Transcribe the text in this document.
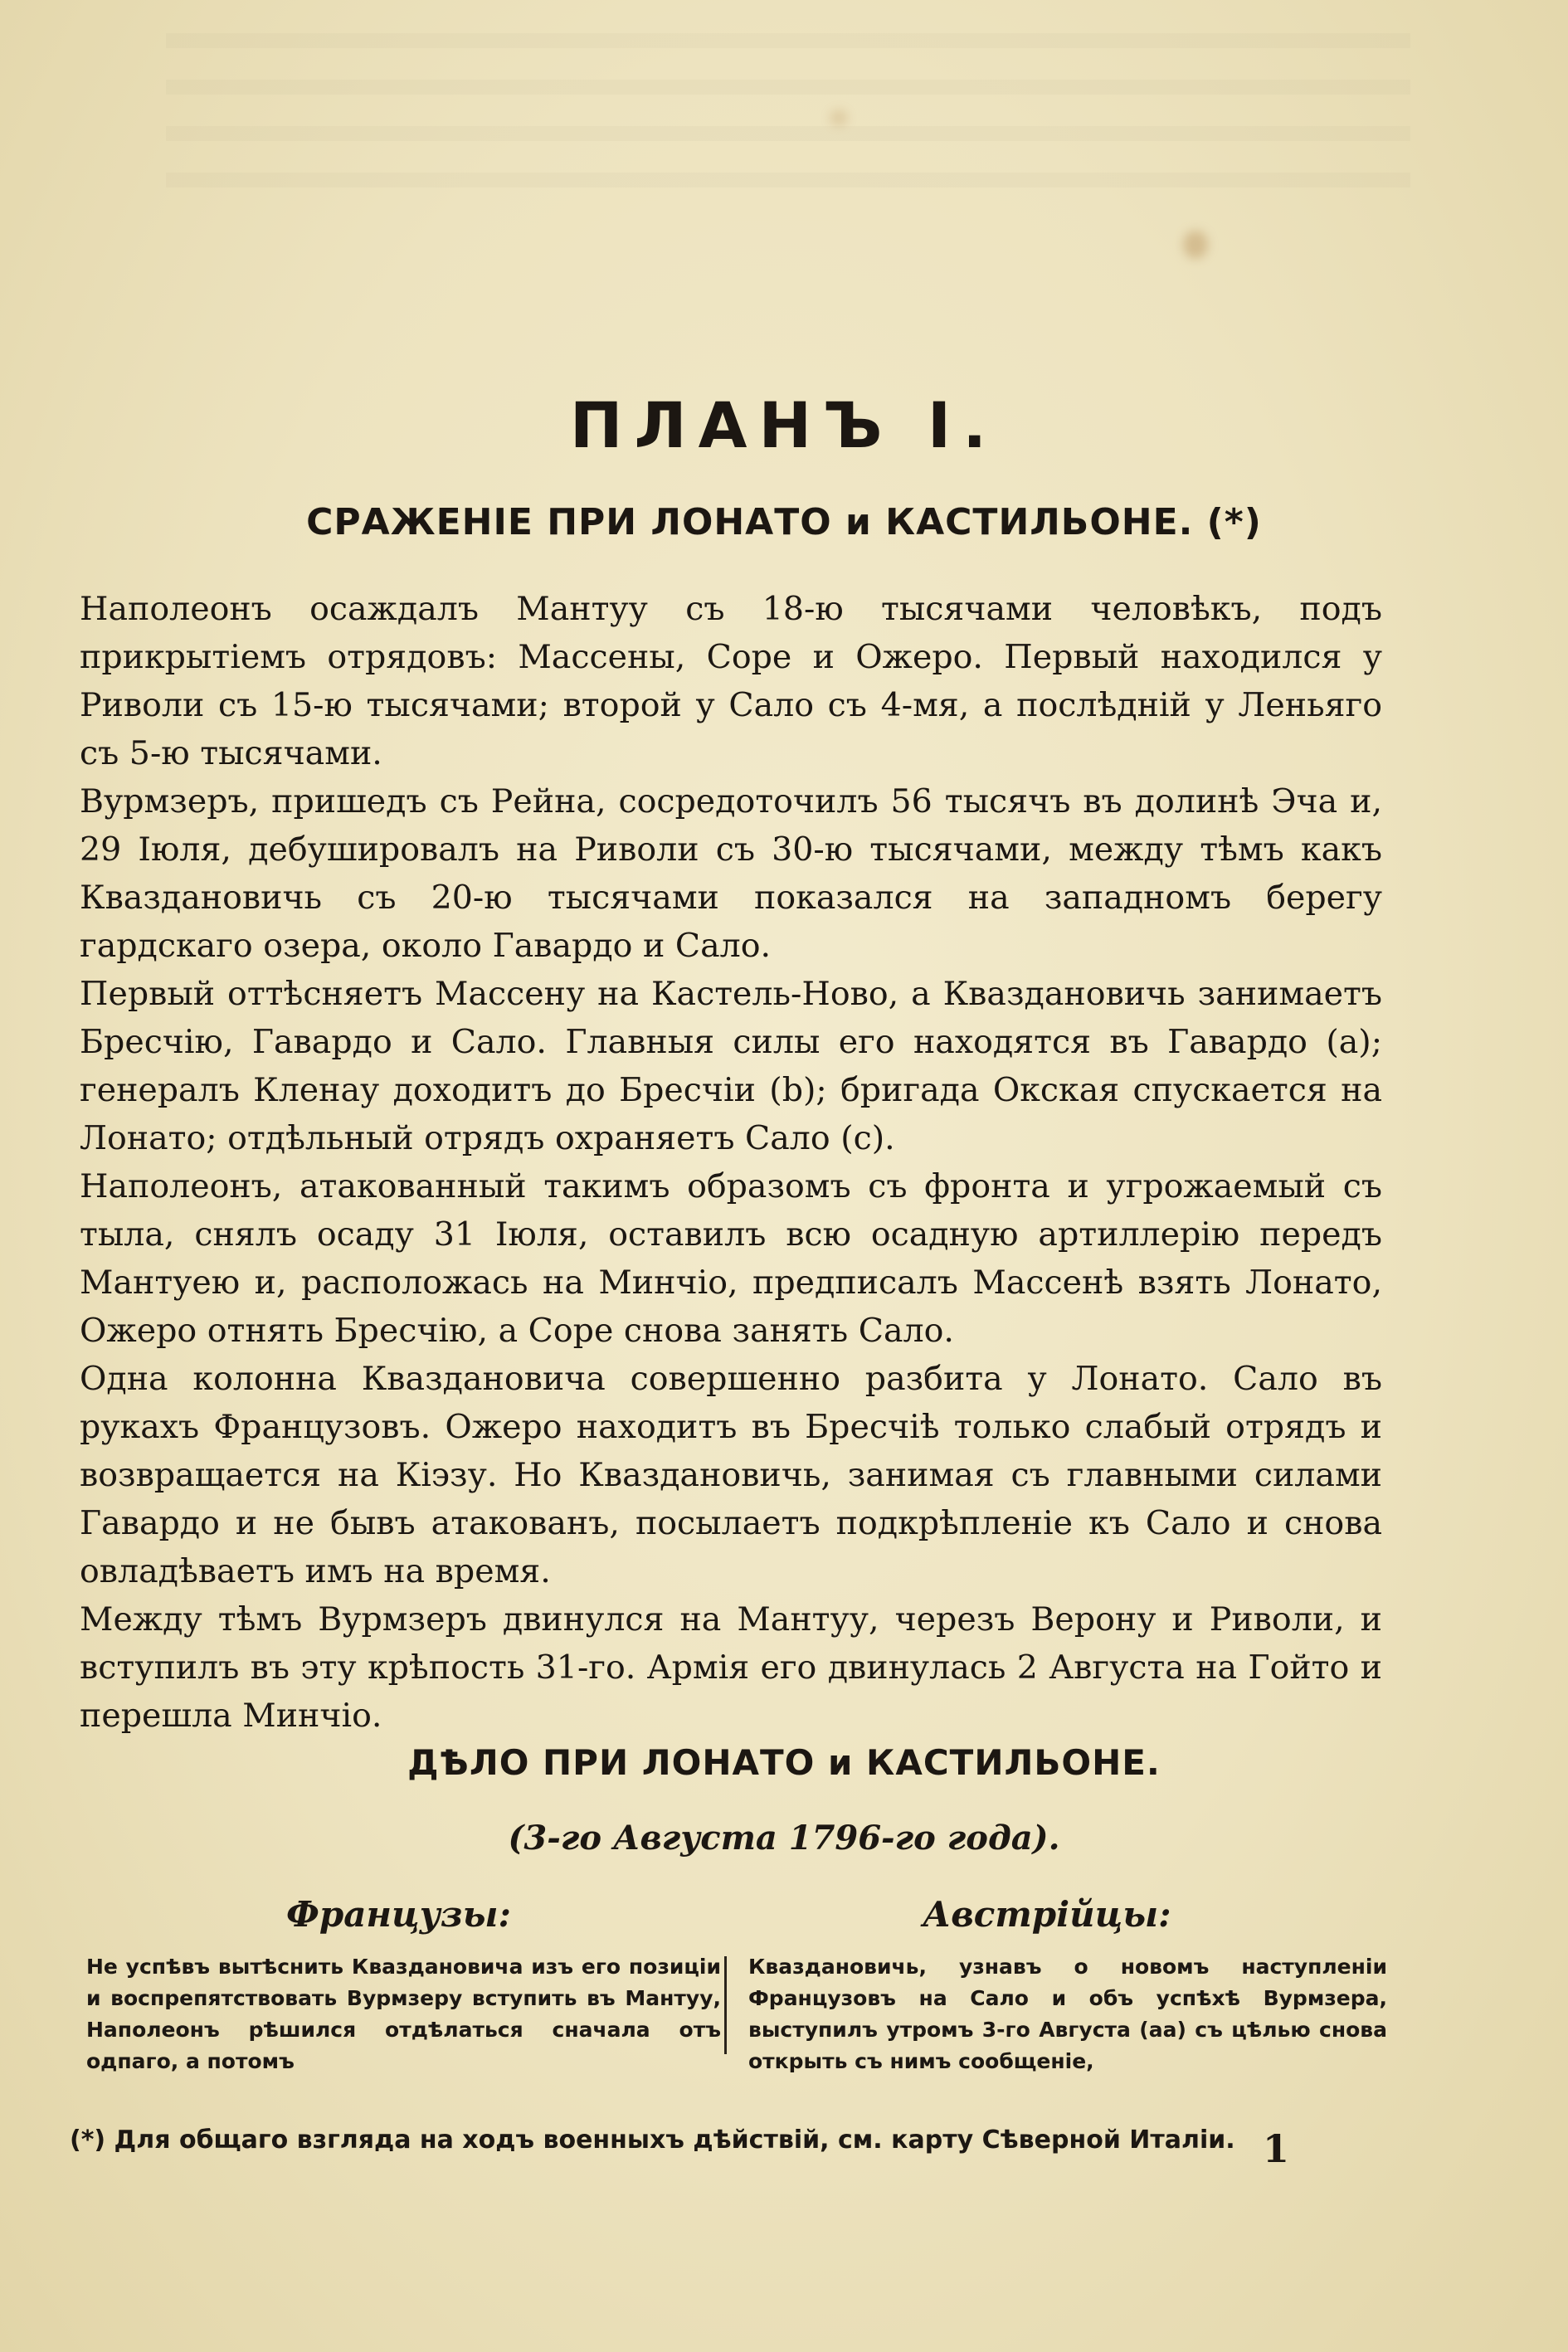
ПЛАНЪ I.
СРАЖЕНІЕ ПРИ ЛОНАТО и КАСТИЛЬОНЕ. (*)

Наполеонъ осаждалъ Мантуу съ 18-ю тысячами человѣкъ, подъ прикрытіемъ отрядовъ: Массены, Соре и Ожеро. Первый находился у Риволи съ 15-ю тысячами; второй у Сало съ 4-мя, а послѣдній у Леньяго съ 5-ю тысячами.

Вурмзеръ, пришедъ съ Рейна, сосредоточилъ 56 тысячъ въ долинѣ Эча и, 29 Іюля, дебушировалъ на Риволи съ 30-ю тысячами, между тѣмъ какъ Кваздановичь съ 20-ю тысячами показался на западномъ берегу гардскаго озера, около Гавардо и Сало.

Первый оттѣсняетъ Массену на Кастель-Ново, а Кваздановичь занимаетъ Бресчію, Гавардо и Сало. Главныя силы его находятся въ Гавардо (a); генералъ Кленау доходитъ до Бресчіи (b); бригада Окская спускается на Лонато; отдѣльный отрядъ охраняетъ Сало (c).

Наполеонъ, атакованный такимъ образомъ съ фронта и угрожаемый съ тыла, снялъ осаду 31 Іюля, оставилъ всю осадную артиллерію передъ Мантуею и, расположась на Минчіо, предписалъ Массенѣ взять Лонато, Ожеро отнять Бресчію, а Соре снова занять Сало.

Одна колонна Кваздановича совершенно разбита у Лонато. Сало въ рукахъ Французовъ. Ожеро находитъ въ Бресчіѣ только слабый отрядъ и возвращается на Кіэзу. Но Кваздановичь, занимая съ главными силами Гавардо и не бывъ атакованъ, посылаетъ подкрѣпленіе къ Сало и снова овладѣваетъ имъ на время.

Между тѣмъ Вурмзеръ двинулся на Мантуу, черезъ Верону и Риволи, и вступилъ въ эту крѣпость 31-го. Армія его двинулась 2 Августа на Гойто и перешла Минчіо.

ДѢЛО ПРИ ЛОНАТО и КАСТИЛЬОНЕ.
(3-го Августа 1796-го года).
Французы:	Австрійцы:
Не успѣвъ вытѣснить Кваздановича изъ его позиціи и воспрепятствовать Вурмзеру вступить въ Мантуу, Наполеонъ рѣшился отдѣлаться сначала отъ одпаго, а потомъ
Кваздановичь, узнавъ о новомъ наступленіи Французовъ на Сало и объ успѣхѣ Вурмзера, выступилъ утромъ 3-го Августа (aa) съ цѣлью снова открыть съ нимъ сообщеніе,
(*) Для общаго взгляда на ходъ военныхъ дѣйствій, см. карту Сѣверной Италіи. 1
